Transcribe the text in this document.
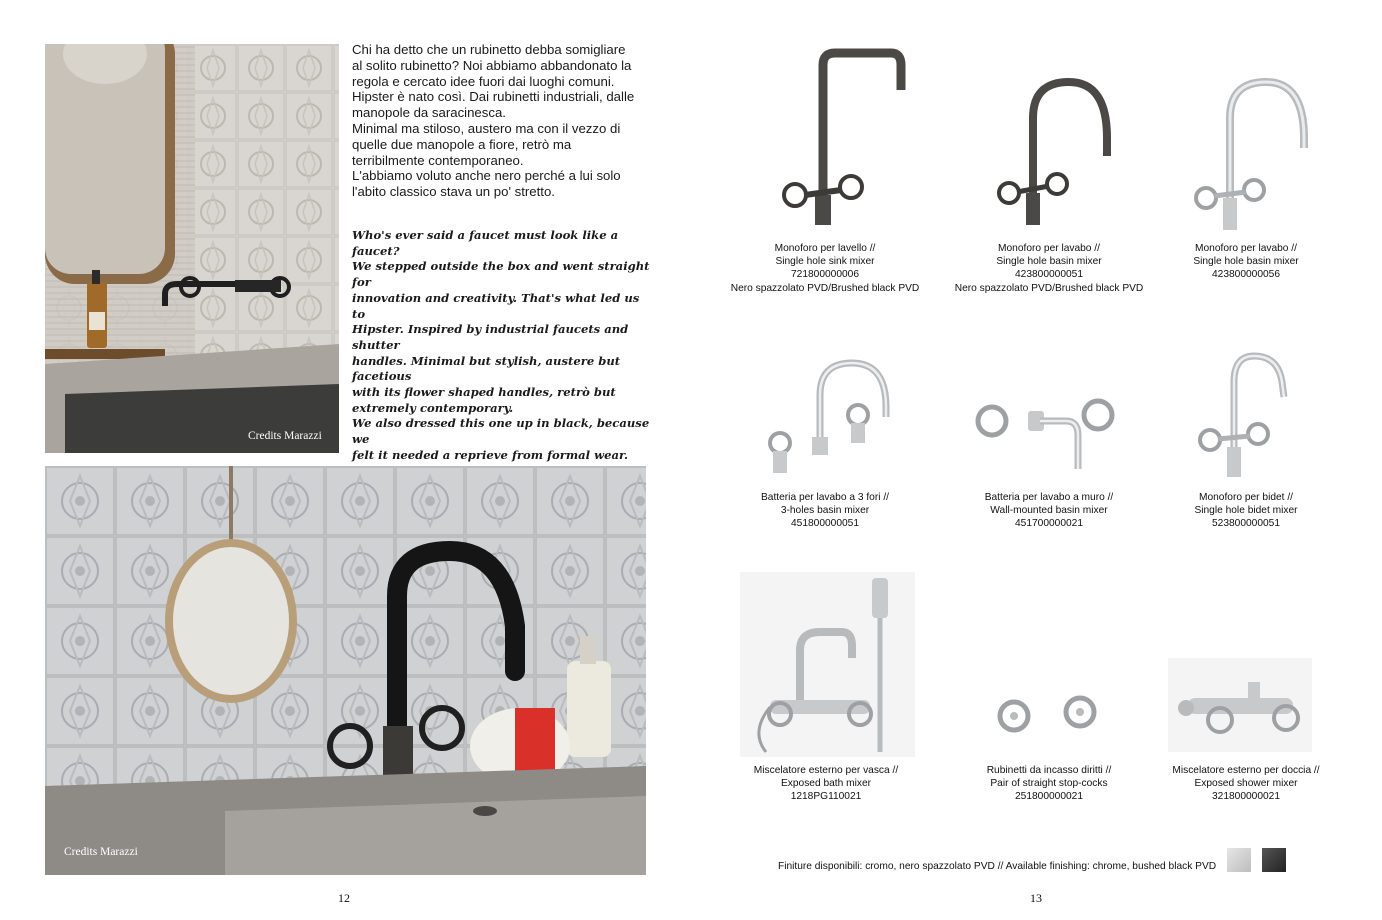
Credits Marazzi

Chi ha detto che un rubinetto debba somigliare

al solito rubinetto? Noi abbiamo abbandonato la

regola e cercato idee fuori dai luoghi comuni.

Hipster è nato così. Dai rubinetti industriali, dalle

manopole da saracinesca.

Minimal ma stiloso, austero ma con il vezzo di

quelle due manopole a fiore, retrò ma

terribilmente contemporaneo.

L'abbiamo voluto anche nero perché a lui solo

l'abito classico stava un po' stretto.

Who's ever said a faucet must look like a faucet?

We stepped outside the box and went straight for

innovation and creativity. That's what led us to

Hipster. Inspired by industrial faucets and shutter

handles. Minimal but stylish, austere but facetious

with its flower shaped handles, retrò but

extremely contemporary.

We also dressed this one up in black, because we

felt it needed a reprieve from formal wear.

Credits Marazzi
12
Monoforo per lavello //
Single hole sink mixer
721800000006
Nero spazzolato PVD/Brushed black PVD
Monoforo per lavabo //
Single hole basin mixer
423800000051
Nero spazzolato PVD/Brushed black PVD
Monoforo per lavabo //
Single hole basin mixer
423800000056
Batteria per lavabo a 3 fori //
3-holes basin mixer
451800000051
Batteria per lavabo a muro //
Wall-mounted basin mixer
451700000021
Monoforo per bidet //
Single hole bidet mixer
523800000051
Miscelatore esterno per vasca //
Exposed bath mixer
1218PG110021
Rubinetti da incasso diritti //
Pair of straight stop-cocks
251800000021
Miscelatore esterno per doccia //
Exposed shower mixer
321800000021
Finiture disponibili: cromo, nero spazzolato PVD // Available finishing: chrome, bushed black PVD
13
